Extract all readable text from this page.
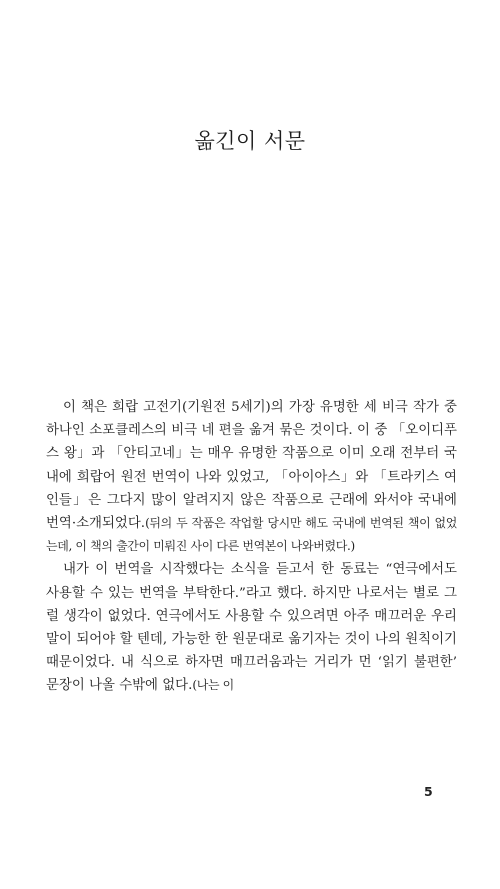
옮긴이 서문

이 책은 희랍 고전기(기원전 5세기)의 가장 유명한 세 비극 작가 중 하나인 소포클레스의 비극 네 편을 옮겨 묶은 것이다. 이 중 「오이디푸스 왕」과 「안티고네」는 매우 유명한 작품으로 이미 오래 전부터 국내에 희랍어 원전 번역이 나와 있었고, 「아이아스」와 「트라키스 여인들」은 그다지 많이 알려지지 않은 작품으로 근래에 와서야 국내에 번역·소개되었다.(뒤의 두 작품은 작업할 당시만 해도 국내에 번역된 책이 없었는데, 이 책의 출간이 미뤄진 사이 다른 번역본이 나와버렸다.)

내가 이 번역을 시작했다는 소식을 듣고서 한 동료는 “연극에서도 사용할 수 있는 번역을 부탁한다.”라고 했다. 하지만 나로서는 별로 그럴 생각이 없었다. 연극에서도 사용할 수 있으려면 아주 매끄러운 우리말이 되어야 할 텐데, 가능한 한 원문대로 옮기자는 것이 나의 원칙이기 때문이었다. 내 식으로 하자면 매끄러움과는 거리가 먼 ‘읽기 불편한’ 문장이 나올 수밖에 없다.(나는 이

5
